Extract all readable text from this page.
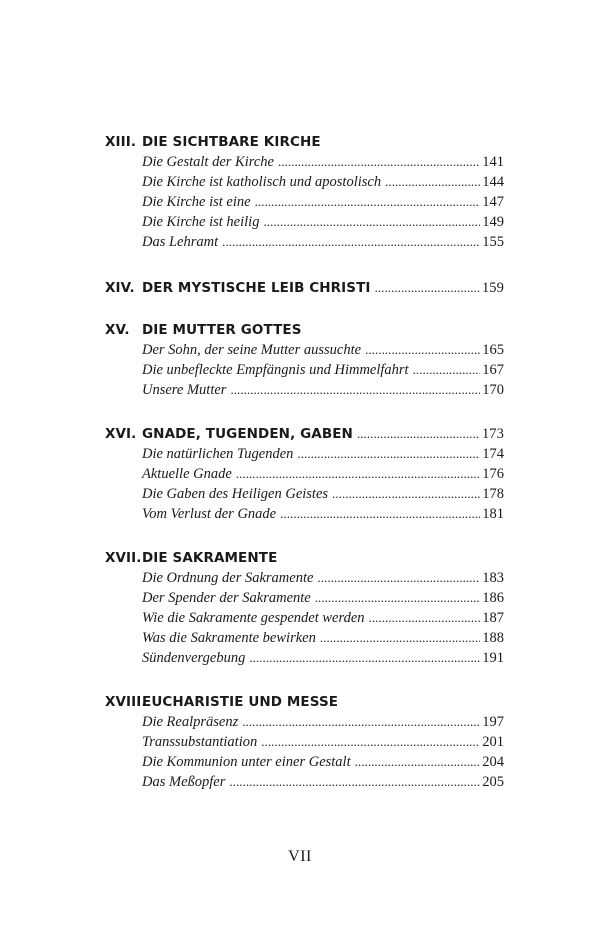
XIII. DIE SICHTBARE KIRCHE
Die Gestalt der Kirche . . .	141
Die Kirche ist katholisch und apostolisch . . .	144
Die Kirche ist eine . . .	147
Die Kirche ist heilig . . .	149
Das Lehramt . . .	155
XIV. DER MYSTISCHE LEIB CHRISTI . . .	159
XV. DIE MUTTER GOTTES
Der Sohn, der seine Mutter aussuchte . . .	165
Die unbefleckte Empfängnis und Himmelfahrt . . .	167
Unsere Mutter . . .	170
XVI. GNADE, TUGENDEN, GABEN . . .	173
Die natürlichen Tugenden . . .	174
Aktuelle Gnade . . .	176
Die Gaben des Heiligen Geistes . . .	178
Vom Verlust der Gnade . . .	181
XVII. DIE SAKRAMENTE
Die Ordnung der Sakramente . . .	183
Der Spender der Sakramente . . .	186
Wie die Sakramente gespendet werden . . .	187
Was die Sakramente bewirken . . .	188
Sündenvergebung . . .	191
XVIII.
EUCHARISTIE UND MESSE
Die Realpräsenz . . .	197
Transsubstantiation . . .	201
Die Kommunion unter einer Gestalt . . .	204
Das Meßopfer . . .	205
VII
